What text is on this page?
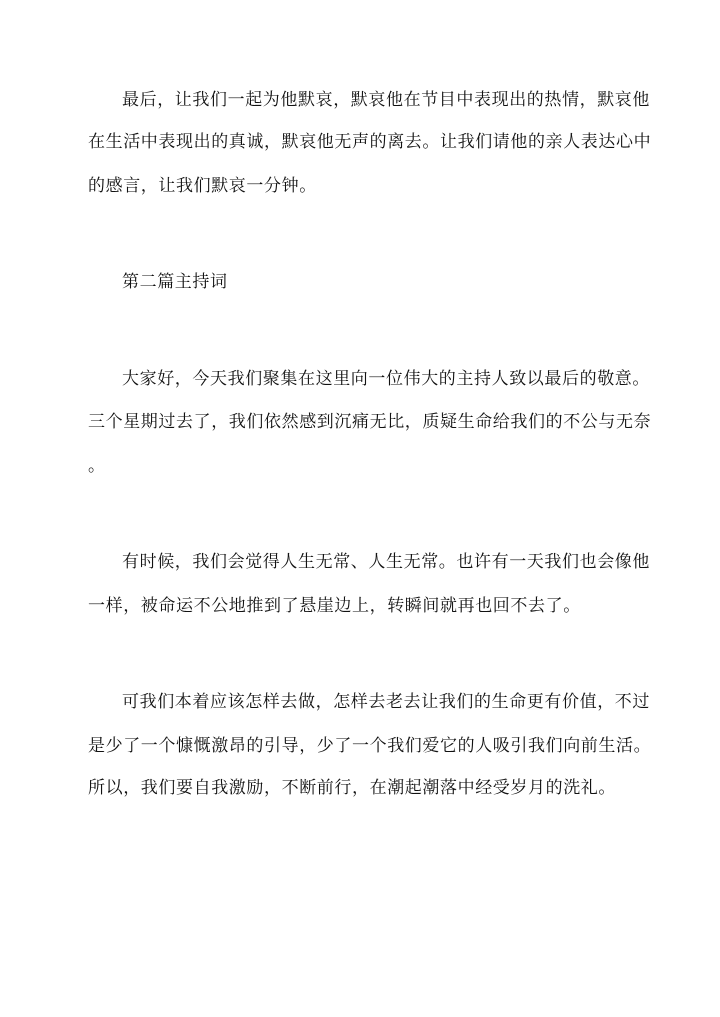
最后，让我们一起为他默哀，默哀他在节目中表现出的热情，默哀他
在生活中表现出的真诚，默哀他无声的离去。让我们请他的亲人表达心中
的感言，让我们默哀一分钟。
第二篇主持词
大家好，今天我们聚集在这里向一位伟大的主持人致以最后的敬意。
三个星期过去了，我们依然感到沉痛无比，质疑生命给我们的不公与无奈
。
有时候，我们会觉得人生无常、人生无常。也许有一天我们也会像他
一样，被命运不公地推到了悬崖边上，转瞬间就再也回不去了。
可我们本着应该怎样去做，怎样去老去让我们的生命更有价值，不过
是少了一个慷慨激昂的引导，少了一个我们爱它的人吸引我们向前生活。
所以，我们要自我激励，不断前行，在潮起潮落中经受岁月的洗礼。
